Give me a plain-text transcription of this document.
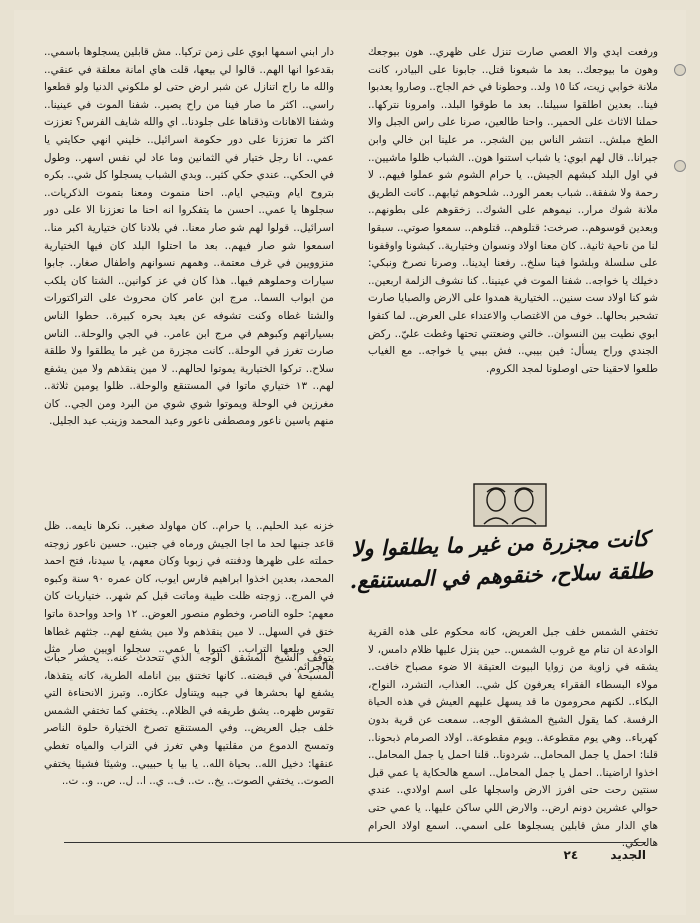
ورفعت ايدي والا العصي صارت تنزل على ظهري.. هون بيوجعك وهون ما بيوجعك.. بعد ما شبعونا قتل.. جابونا على البيادر، كانت ملانة خوابي زيت، كنا ١٥ ولد.. وحطونا في خم الجاج.. وصاروا يعدبوا فينا.. بعدين اطلقوا سبيلنا.. بعد ما طوقوا البلد.. وامرونا نتركها.. حملنا الاثاث على الحمير.. واحنا طالعين، صرنا على راس الجبل والا الطخ مبلش.. انتشر الناس بين الشجر.. مر علينا ابن خالي وابن جيرانا.. قال لهم ابوي: يا شباب استنوا هون.. الشباب ظلوا ماشيين.. في اول البلد كبشهم الجيش.. يا حرام الشوم شو عملوا فيهم.. لا رحمة ولا شفقة.. شباب بعمر الورد.. شلحوهم ثيابهم.. كانت الطريق ملانة شوك مرار.. نيموهم على الشوك.. زخقوهم على بطونهم.. وبعدين قوسوهم.. صرخت: قتلوهم.. قتلوهم.. سمعوا صوتي.. سبقوا لنا من ناحية ثانية.. كان معنا اولاد ونسوان وختيارية.. كبشونا واوقفونا على سلسلة وبلشوا فينا سلخ.. رفعنا ايدينا.. وصرنا نصرخ ونبكي: دخيلك يا خواجه.. شفنا الموت في عينينا.. كنا نشوف الزلمة اربعين.. شو كنا اولاد ست سنين.. الختيارية همدوا على الارض والصبايا صارت تشحبر بحالها.. خوف من الاغتصاب والاعتداء على العرض.. لما كتفوا ابوي نطيت بين النسوان.. خالتي وضعتني تحتها وغطت عليّ.. ركض الجندي وراح يسأل: فين بيبي.. فش بيبي يا خواجه.. مع الغياب طلعوا لاحقينا حتى اوصلونا لمجد الكروم.

تختفي الشمس خلف جبل العريض، كانه محكوم على هذه القرية الوادعة ان تنام مع غروب الشمس.. حين ينزل عليها ظلام دامس، لا يشقه في زاوية من زوايا البيوت العتيقة الا ضوء مصباح خافت.. مولاء البسطاء الفقراء يعرفون كل شي.. العذاب، التشرد، النواح، البكاء.. لكنهم محرومون ما قد يسهل عليهم العيش في هذه الحياة الرفسة. كما يقول الشيخ المشقق الوجه.. سمعت عن قرية بدون كهرباء.. وهي يوم مقطوعة.. ويوم مقطوعة.. اولاد الصرمام ذبحونا.. قلنا: احمل يا جمل المحامل.. شردونا.. قلنا احمل يا جمل المحامل.. اخذوا اراضينا.. احمل يا جمل المحامل.. اسمع هالحكاية يا عمي قبل سنتين رحت حتى افرز الارض واسجلها على اسم اولادي.. عندي حوالي عشرين دونم ارض.. والارض اللي ساكن عليها.. يا عمي حتى هاي الدار مش قابلين يسجلوها على اسمي.. اسمع اولاد الحرام هالحكي.

دار ابني اسمها ابوي على زمن تركيا.. مش قابلين يسجلوها باسمي.. بقدعوا انها الهم.. قالوا لي بيعها، قلت هاي امانة معلقة في عنقي.. والله ما راح اتنازل عن شبر ارض حتى لو ملكوني الدنيا ولو قطعوا راسي.. اكثر ما صار فينا من راح يصير.. شفنا الموت في عينينا.. وشفنا الاهانات وذقناها على جلودنا.. اي والله شايف الفرس؟ تعززت اكثر ما تعززنا على دور حكومة اسرائيل.. خليني انهي حكايتي يا عمي.. انا رجل ختيار في الثمانين وما عاد لي نفس اسهر.. وطول في الحكي.. عندي حكي كثير.. وبدي الشباب يسجلوا كل شي.. بكره بتروح ايام وبتيجي ايام.. احنا منموت ومعنا بتموت الذكريات.. سجلوها يا عمي.. احسن ما يتفكروا انه احنا ما تعززنا الا على دور اسرائيل.. قولوا لهم شو صار معنا.. في بلادنا كان ختيارية اكبر منا.. اسمعوا شو صار فيهم.. بعد ما احتلوا البلد كان فيها الختيارية منزوويين في غرف معتمة.. وهمهم نسوانهم واطفال صغار.. جابوا سيارات وحملوهم فيها.. هذا كان في عز كوانين.. الشتا كان يلكب من ابواب السما.. مرج ابن عامر كان محروث على التراكتورات والشتا غطاه وكنت تشوفه عن بعيد بحره كبيرة.. حطوا الناس بسياراتهم وكبوهم في مرج ابن عامر.. في الجي والوحلة.. الناس صارت تغرز في الوحلة.. كانت مجزرة من غير ما يطلقوا ولا طلقة سلاح.. تركوا الختيارية يموتوا لحالهم.. لا مين ينقذهم ولا مين يشفع لهم.. ١٣ ختياري ماتوا في المستنقع والوحلة.. ظلوا يومين ثلاثة.. مغرزين في الوحلة ويموتوا شوي شوي من البرد ومن الجي.. كان منهم ياسين ناعور ومصطفى ناعور وعبد المحمد وزينب عبد الجليل.

خزنه عبد الحليم.. يا حرام.. كان مهاولد صغير.. نكرها نايمه.. ظل قاعد جنبها لحد ما اجا الجيش ورماه في جنين.. حسين ناعور زوجته حملته على ظهرها ودفنته في زبوبا وكان معهم، يا سيدنا، فتح احمد المحمد، بعدين اخذوا ابراهيم فارس ايوب، كان عمره ٩٠ سنة وكبوه في المرج.. زوجته ظلت طيبة وماتت قبل كم شهر.. ختياريات كان معهم: حلوه الناصر، وخطوم منصور العوض.. ١٢ واحد وواحدة ماتوا ختق في السهل.. لا مين ينقذهم ولا مين يشفع لهم.. جثثهم غطاها الجي وبلعها التراب.. اكتبوا يا عمي.. سجلوا اويين صار مثل هالجرائم.

يتوقف الشيخ المشقق الوجه الذي تتحدث عنه.. يحشر حبات المسبحة في قبضته.. كانها تختنق بين انامله الطرية، كانه يتقذها، يشفع لها بحشرها في جيبه ويتناول عكازه.. وتبرز الانحناءة التي تقوس ظهره.. يشق طريقه في الظلام.. يختفي كما تختفي الشمس خلف جبل العريض.. وفي المستنقع تصرخ الختيارة حلوة الناصر وتمسح الدموع من مقلتيها وهي تغرز في التراب والمياه تغطي عنقها: دخيل الله.. بحياة الله.. يا بيا يا حبيبي.. وشيئا فشيئا يختفي الصوت.. يختفي الصوت.. يخ.. ت.. ف.. ي.. ا.. ل.. ص.. و.. ت..

كانت مجزرة من غير ما يطلقوا ولا
طلقة سلاح، خنقوهم في المستنقع.
الجديد ٢٤
